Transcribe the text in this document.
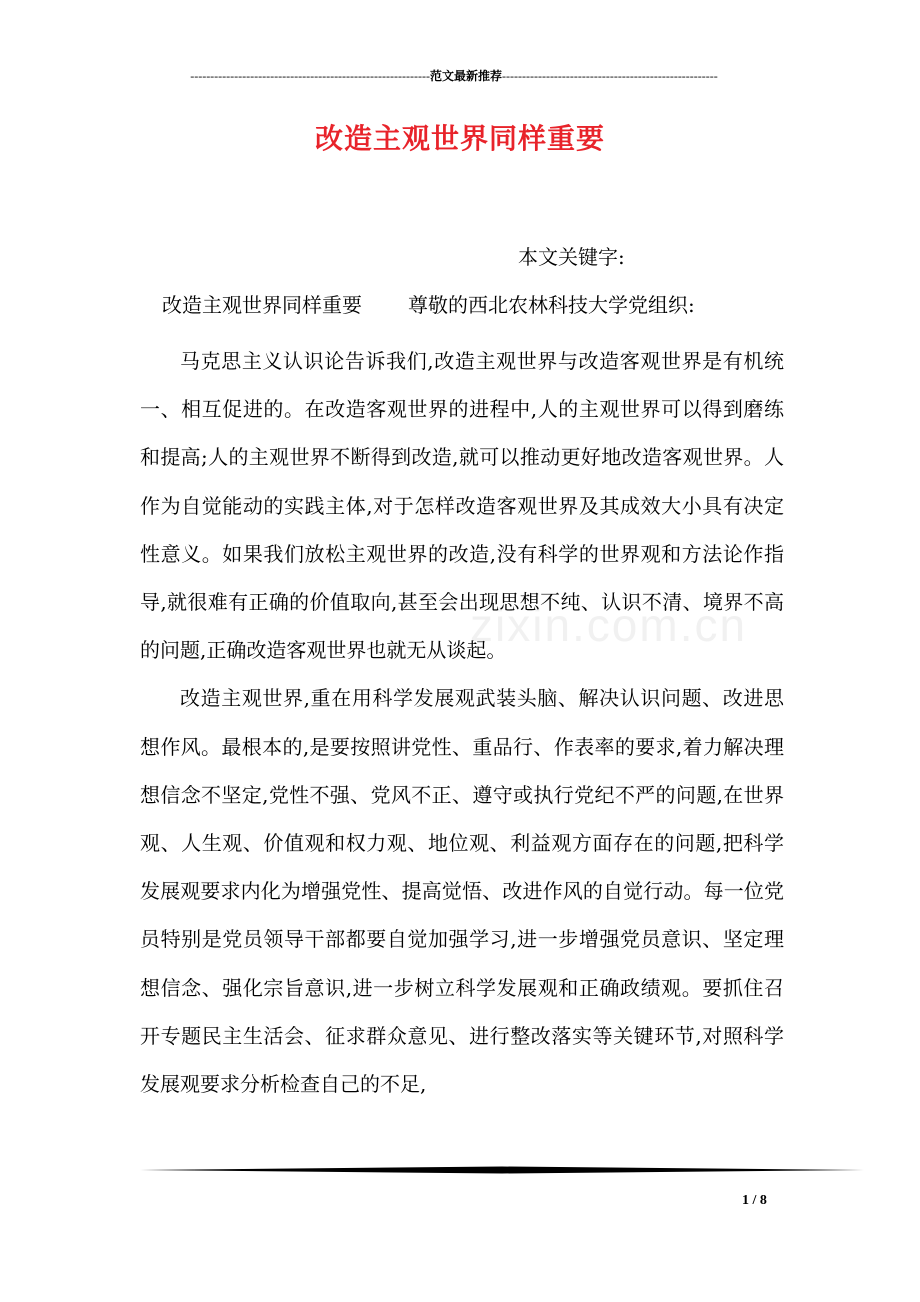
------------------------------------------------------------范文最新推荐------------------------------------------------------
改造主观世界同样重要
本文关键字:
改造主观世界同样重要 尊敬的西北农林科技大学党组织:
zixin.com.cn

马克思主义认识论告诉我们,改造主观世界与改造客观世界是有机统一、相互促进的。在改造客观世界的进程中,人的主观世界可以得到磨练和提高;人的主观世界不断得到改造,就可以推动更好地改造客观世界。人作为自觉能动的实践主体,对于怎样改造客观世界及其成效大小具有决定性意义。如果我们放松主观世界的改造,没有科学的世界观和方法论作指导,就很难有正确的价值取向,甚至会出现思想不纯、认识不清、境界不高的问题,正确改造客观世界也就无从谈起。

改造主观世界,重在用科学发展观武装头脑、解决认识问题、改进思想作风。最根本的,是要按照讲党性、重品行、作表率的要求,着力解决理想信念不坚定,党性不强、党风不正、遵守或执行党纪不严的问题,在世界观、人生观、价值观和权力观、地位观、利益观方面存在的问题,把科学发展观要求内化为增强党性、提高觉悟、改进作风的自觉行动。每一位党员特别是党员领导干部都要自觉加强学习,进一步增强党员意识、坚定理想信念、强化宗旨意识,进一步树立科学发展观和正确政绩观。要抓住召开专题民主生活会、征求群众意见、进行整改落实等关键环节,对照科学发展观要求分析检查自己的不足,

1 / 8
